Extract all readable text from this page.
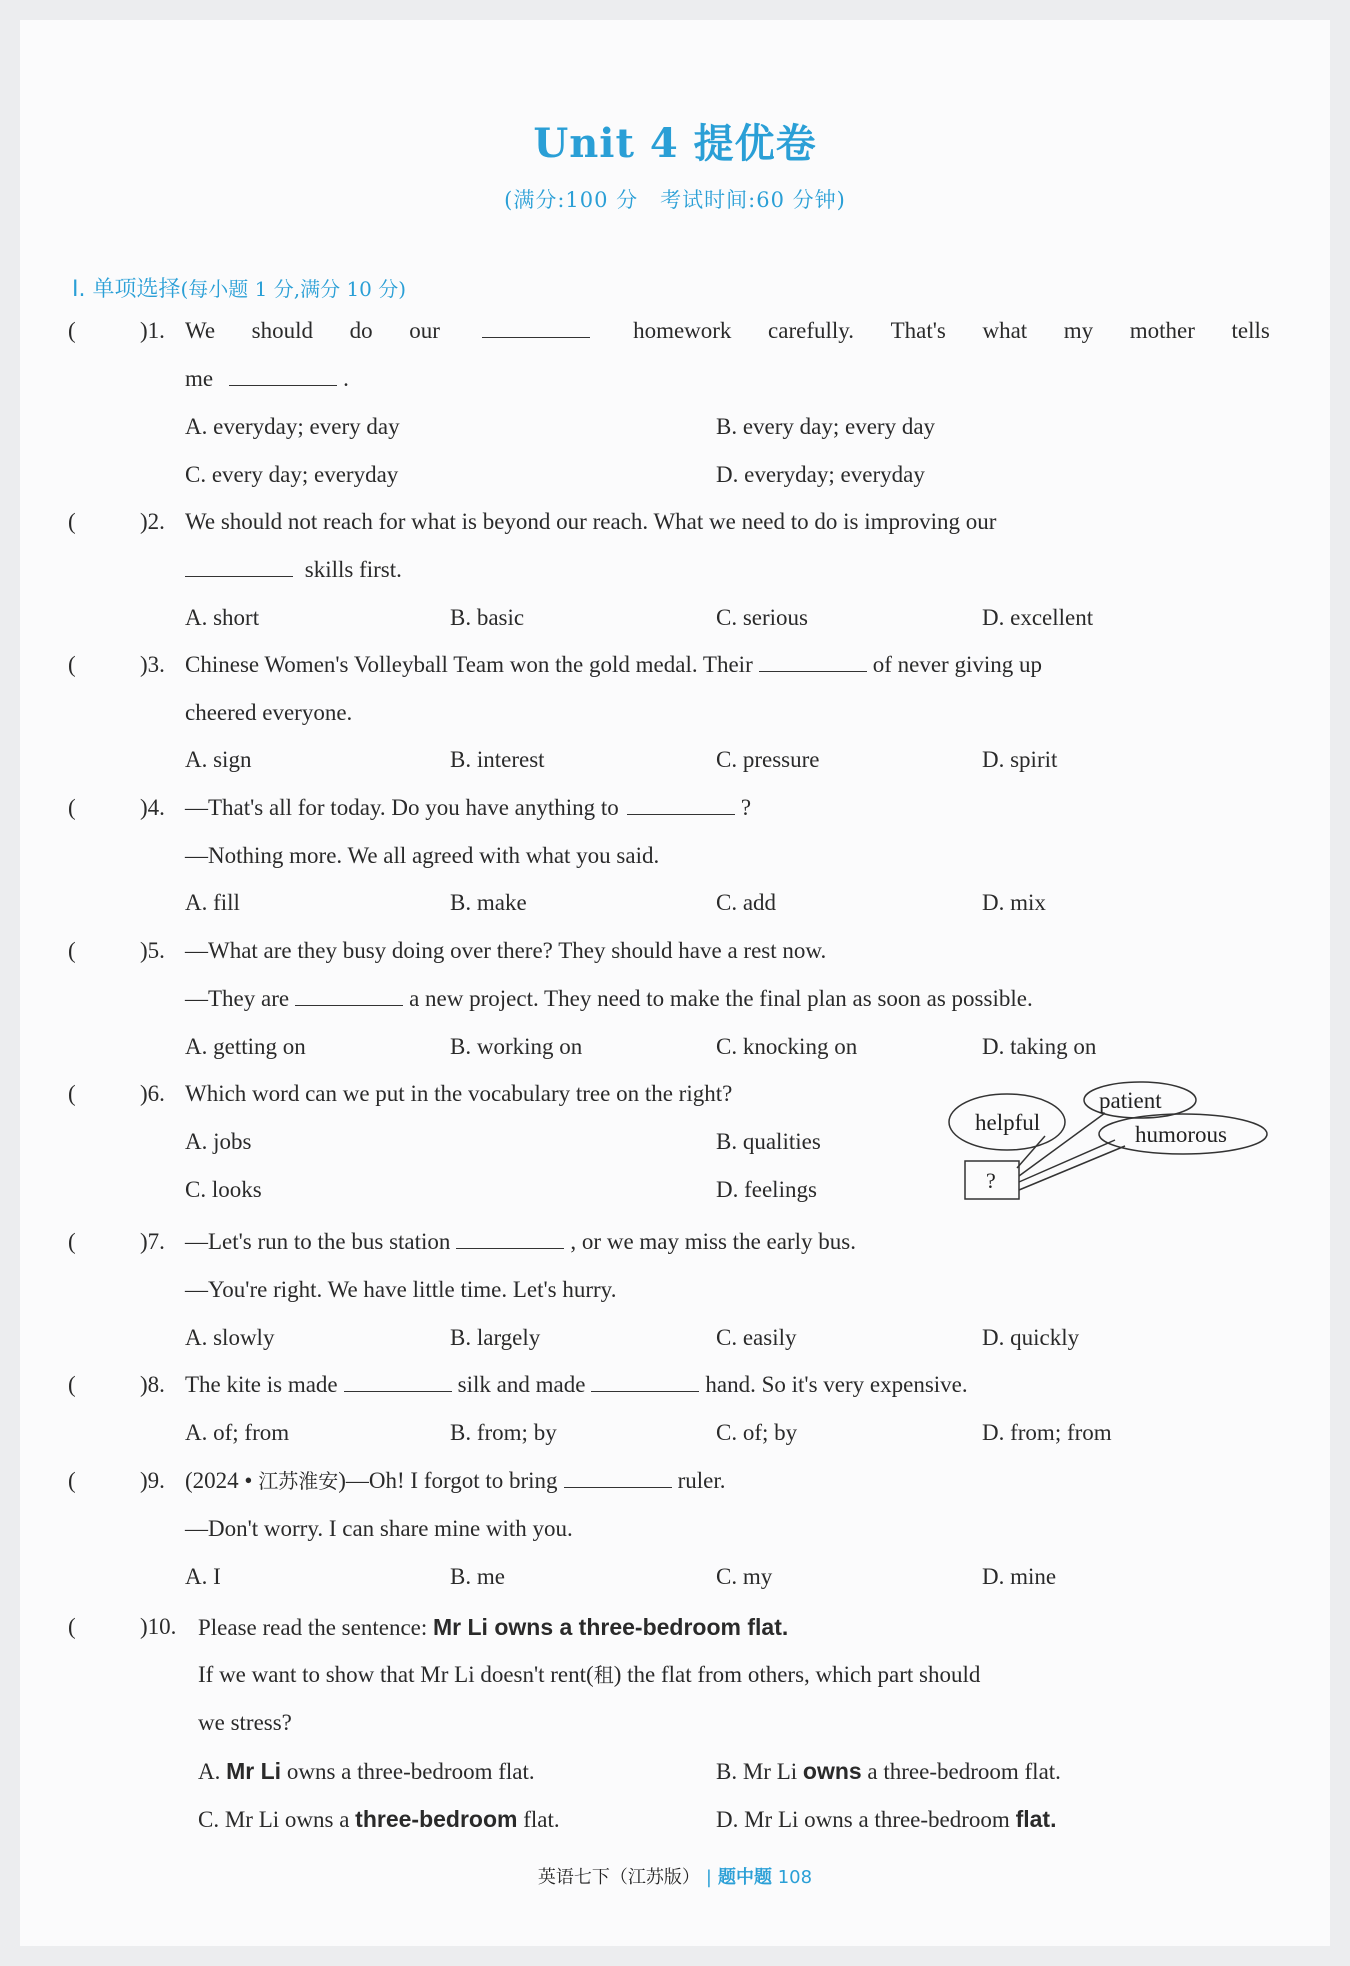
Unit 4 提优卷
(满分:100 分　考试时间:60 分钟)
Ⅰ. 单项选择(每小题 1 分,满分 10 分)
(	)1. We should do our	homework carefully. That's what my mother tells
me	.
A. everyday; every day	B. every day; every day
C. every day; everyday	D. everyday; everyday
(	)2. We should not reach for what is beyond our reach. What we need to do is improving our
skills first.
A. short	B. basic	C. serious	D. excellent
(	)3. Chinese Women's Volleyball Team won the gold medal. Their	of never giving up
cheered everyone.
A. sign	B. interest	C. pressure	D. spirit
(	)4. —That's all for today. Do you have anything to	?
—Nothing more. We all agreed with what you said.
A. fill	B. make	C. add	D. mix
(	)5. —What are they busy doing over there? They should have a rest now.
—They are	a new project. They need to make the final plan as soon as possible.
A. getting on	B. working on	C. knocking on	D. taking on
(	)6. Which word can we put in the vocabulary tree on the right?
A. jobs	B. qualities
C. looks	D. feelings
helpful
patient
humorous
?
(	)7. —Let's run to the bus station	, or we may miss the early bus.
—You're right. We have little time. Let's hurry.
A. slowly	B. largely	C. easily	D. quickly
(	)8. The kite is made	silk and made	hand. So it's very expensive.
A. of; from	B. from; by	C. of; by	D. from; from
(	)9. (2024 • 江苏淮安)—Oh! I forgot to bring	ruler.
—Don't worry. I can share mine with you.
A. I	B. me	C. my	D. mine
(	)10. Please read the sentence: Mr Li owns a three-bedroom flat.
If we want to show that Mr Li doesn't rent(租) the flat from others, which part should
we stress?
A. Mr Li owns a three-bedroom flat.	B. Mr Li owns a three-bedroom flat.
C. Mr Li owns a three-bedroom flat.	D. Mr Li owns a three-bedroom flat.
英语七下（江苏版） | 题中题 108
